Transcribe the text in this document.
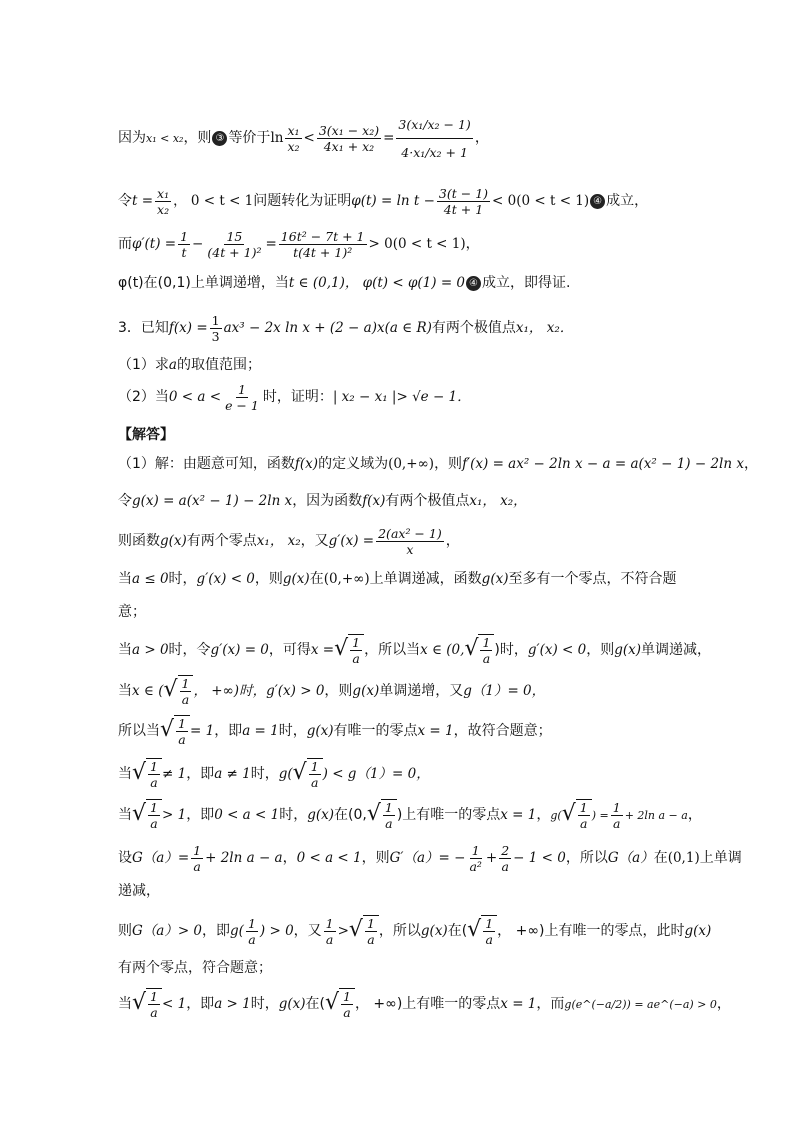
因为x₁ < x₂，则 ③ 等价于$\ln \frac{\text{x₁}}{\text{x₂}} < \frac{\text{3(x₁ − x₂)}}{\text{4x₁ + x₂}} = \frac{\text{3(x₁/x₂ − 1)}}{\text{4·x₁/x₂ + 1}}$ ，
令$t = \frac{\text{x₁}}{\text{x₂}}$ ， 0 < t < 1问题转化为证明$\varphi(t) = \ln t - \frac{3(t - 1)}{4t + 1} < 0(0 < t < 1)$ ④ 成立，
而$\varphi'(t) = \frac{1}{t} - \frac{15}{\text{(4t + 1)²}} = \frac{\text{16t² − 7t + 1}}{\text{t(4t + 1)²}} > 0(0 < t < 1)$，
φ(t)在(0,1)上单调递增，当t ∈ (0,1)， φ(t) < φ(1) = 0 ④ 成立，即得证.
3．已知$f(x) = \frac{1}{3} ax^3 - 2x$ ln x + (2 − a)x(a ∈ R)有两个极值点x₁， x₂．
（1）求a的取值范围；
（2）当$0 < a < \frac{1}{e - 1}$ 时，证明：| x₂ − x₁ |> √e − 1．
【解答】
（1）解：由题意可知，函数f(x)的定义域为(0,+∞)，则f′(x) = ax² − 2ln x − a = a(x² − 1) − 2ln x，
令g(x) = a(x² − 1) − 2ln x，因为函数f(x)有两个极值点x₁， x₂，
则函数g(x)有两个零点x₁， x₂，又$g'(x) = \frac{\text{2(ax² − 1)}}{x}$ ，
当a ≤ 0时，g′(x) < 0，则g(x)在(0,+∞)上单调递减，函数g(x)至多有一个零点，不符合题
意；
当a > 0时，令g′(x) = 0，可得x = √ $\frac{1}{a}$ ，所以当x ∈ (0, √ $\frac{1}{a}$ )时，g′(x) < 0，则g(x)单调递减，
当x ∈ ( √ $\frac{1}{a}$ ， +∞)时，g′(x) > 0，则g(x)单调递增，又g（1）= 0，
所以当 √ $\frac{1}{a} = 1$，即a = 1时，g(x)有唯一的零点x = 1，故符合题意；
当 √ $\frac{1}{a} \ne 1$，即a ≠ 1时，g( √ $\frac{1}{a}$ ) < g（1）= 0，
当 √ $\frac{1}{a} > 1$，即0 < a < 1时，g(x)在(0, √ $\frac{1}{a}$ )上有唯一的零点x = 1，g( √ $\frac{1}{a}$ ) = $\frac{1}{a} + 2\ln$ a − a，
设$G(a)= \frac{1}{a} + 2\ln$ a − a，0 < a < 1，则$G'(a)= - \frac{1}{\text{a²}} + \frac{2}{a} - 1 < 0$，所以G（a）在(0,1)上单调
递减，
则G（a）> 0，即$g( \frac{1}{a}$ ) > 0，又 $\frac{1}{a}$ > √ $\frac{1}{a}$ ，所以g(x)在( √ $\frac{1}{a}$ ， +∞)上有唯一的零点，此时g(x)
有两个零点，符合题意；
当 √ $\frac{1}{a} < 1$，即a > 1时，g(x)在( √ $\frac{1}{a}$ ， +∞)上有唯一的零点x = 1，而g(e^(−a/2)) = ae^(−a) > 0，
